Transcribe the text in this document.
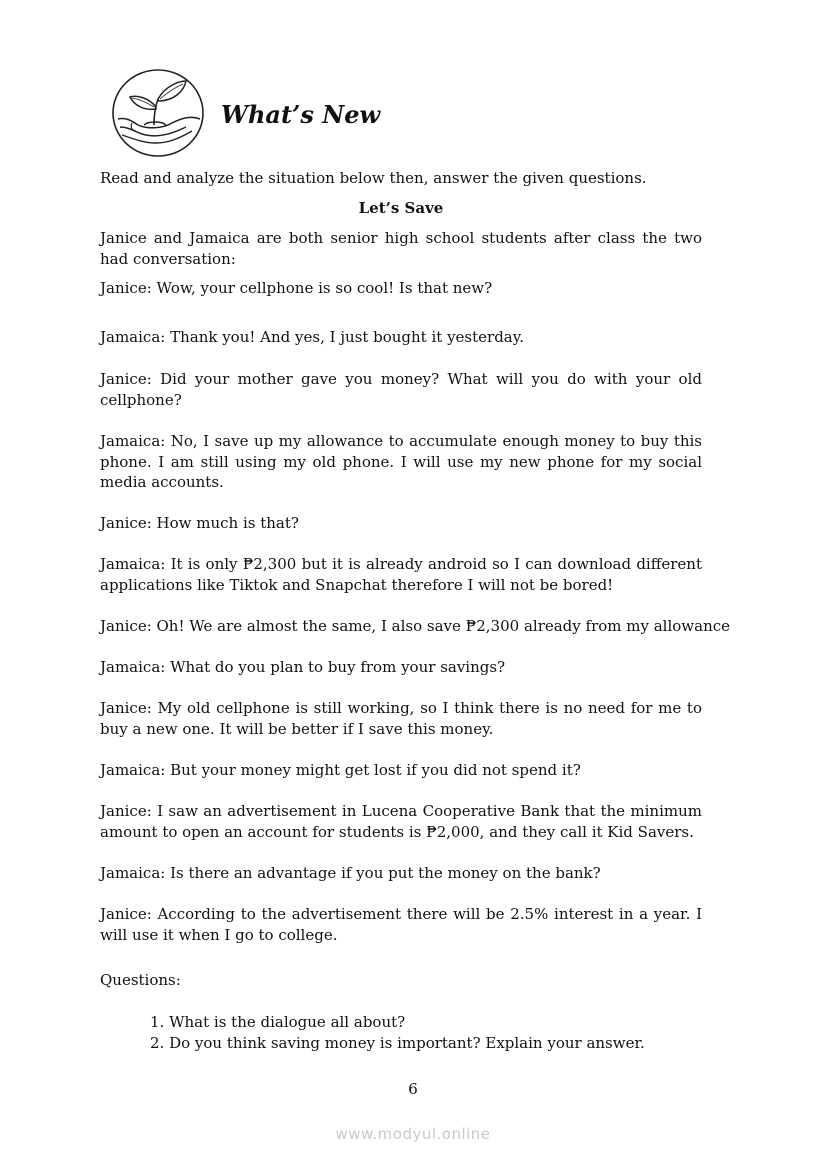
What’s New

Read and analyze the situation below then, answer the given questions.

Let’s Save

Janice and Jamaica are both senior high school students after class the two had conversation:

Janice: Wow, your cellphone is so cool! Is that new?

Jamaica: Thank you! And yes, I just bought it yesterday.

Janice: Did your mother gave you money? What will you do with your old cellphone?

Jamaica: No, I save up my allowance to accumulate enough money to buy this phone. I am still using my old phone. I will use my new phone for my social media accounts.

Janice: How much is that?

Jamaica: It is only ₱2,300 but it is already android so I can download different applications like Tiktok and Snapchat therefore I will not be bored!

Janice: Oh! We are almost the same, I also save ₱2,300 already from my allowance

Jamaica: What do you plan to buy from your savings?

Janice: My old cellphone is still working, so I think there is no need for me to buy a new one. It will be better if I save this money.

Jamaica: But your money might get lost if you did not spend it?

Janice: I saw an advertisement in Lucena Cooperative Bank that the minimum amount to open an account for students is ₱2,000, and they call it Kid Savers.

Jamaica: Is there an advantage if you put the money on the bank?

Janice: According to the advertisement there will be 2.5% interest in a year. I will use it when I go to college.

Questions:

1. What is the dialogue all about?
2. Do you think saving money is important? Explain your answer.
6
www.modyul.online
